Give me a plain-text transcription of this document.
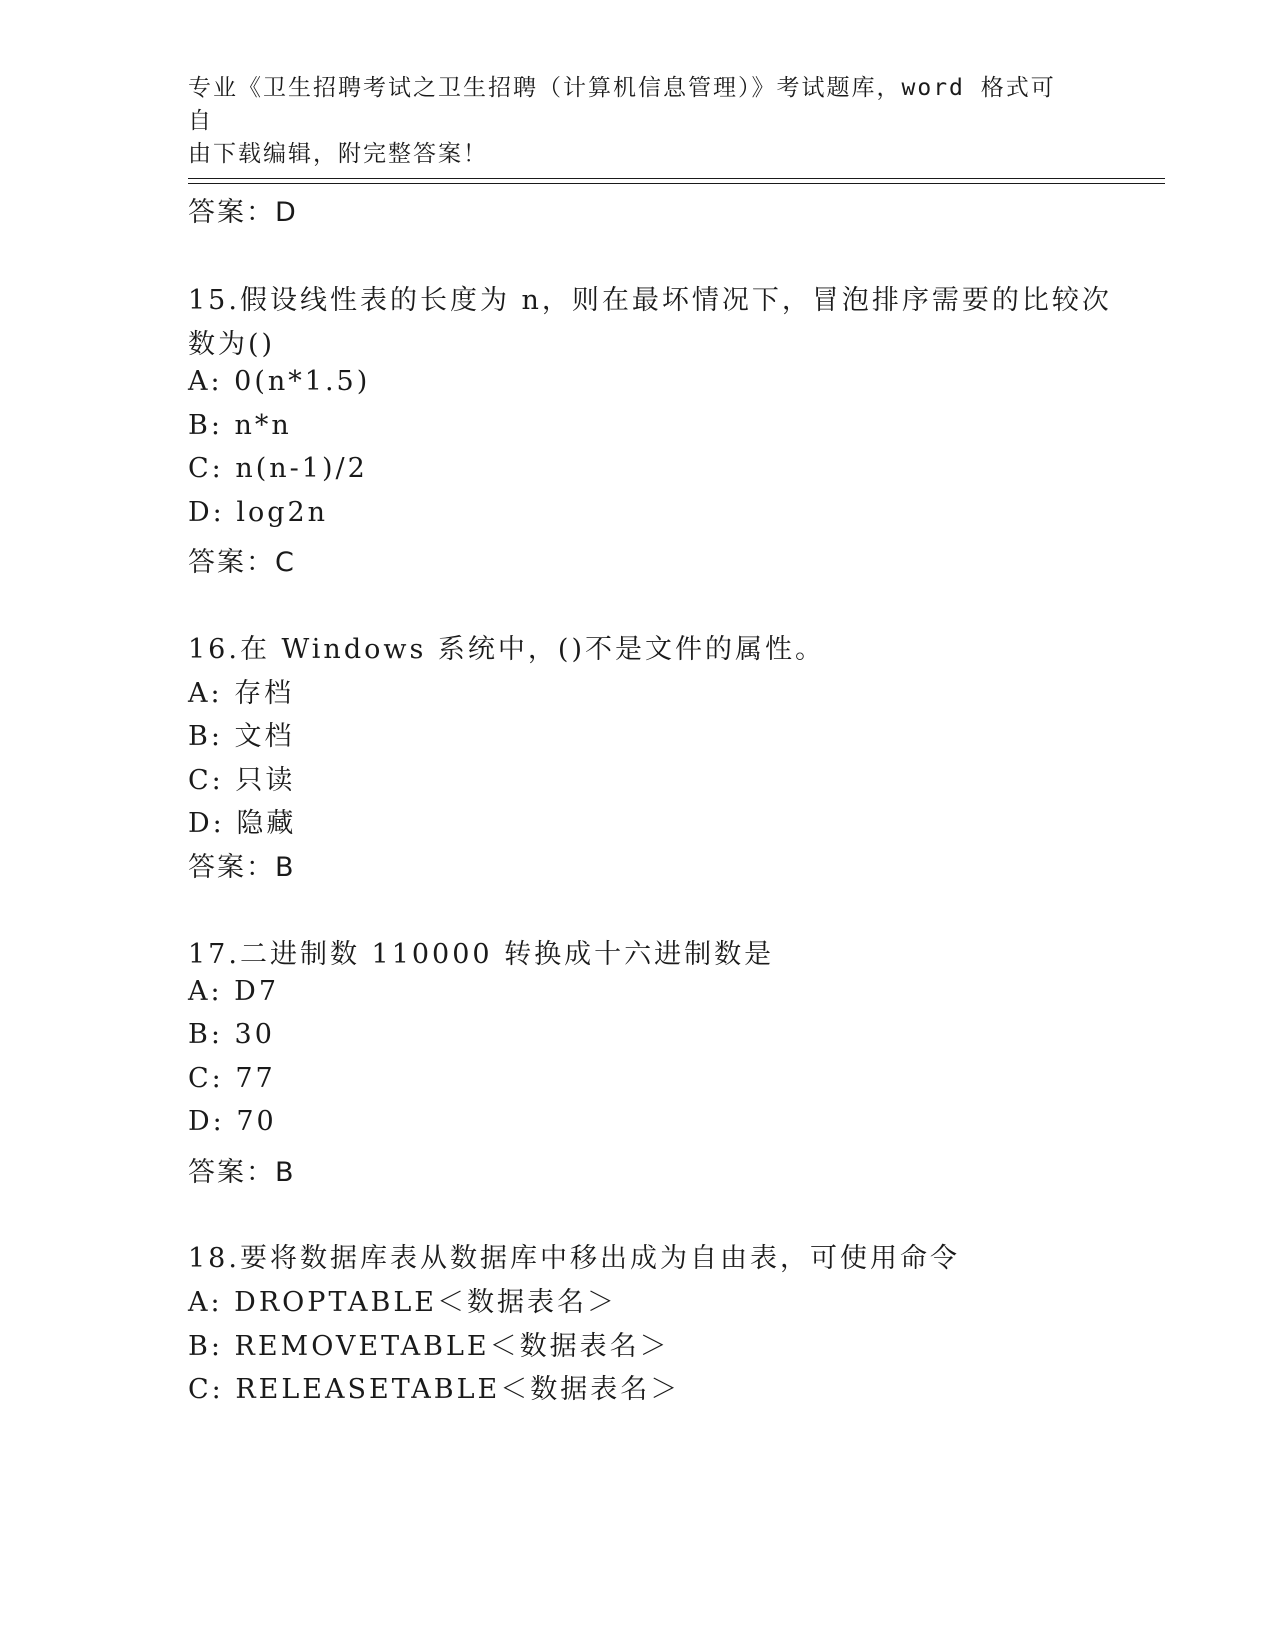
专业《卫生招聘考试之卫生招聘（计算机信息管理）》考试题库，word 格式可自
由下载编辑，附完整答案！
答案：D
15.假设线性表的长度为 n，则在最坏情况下，冒泡排序需要的比较次
数为()
A: 0(n*1.5)
B: n*n
C: n(n-1)/2
D: log2n
答案：C
16.在 Windows 系统中，()不是文件的属性。
A: 存档
B: 文档
C: 只读
D: 隐藏
答案：B
17.二进制数 110000 转换成十六进制数是
A: D7
B: 30
C: 77
D: 70
答案：B
18.要将数据库表从数据库中移出成为自由表，可使用命令
A: DROPTABLE＜数据表名＞
B: REMOVETABLE＜数据表名＞
C: RELEASETABLE＜数据表名＞
